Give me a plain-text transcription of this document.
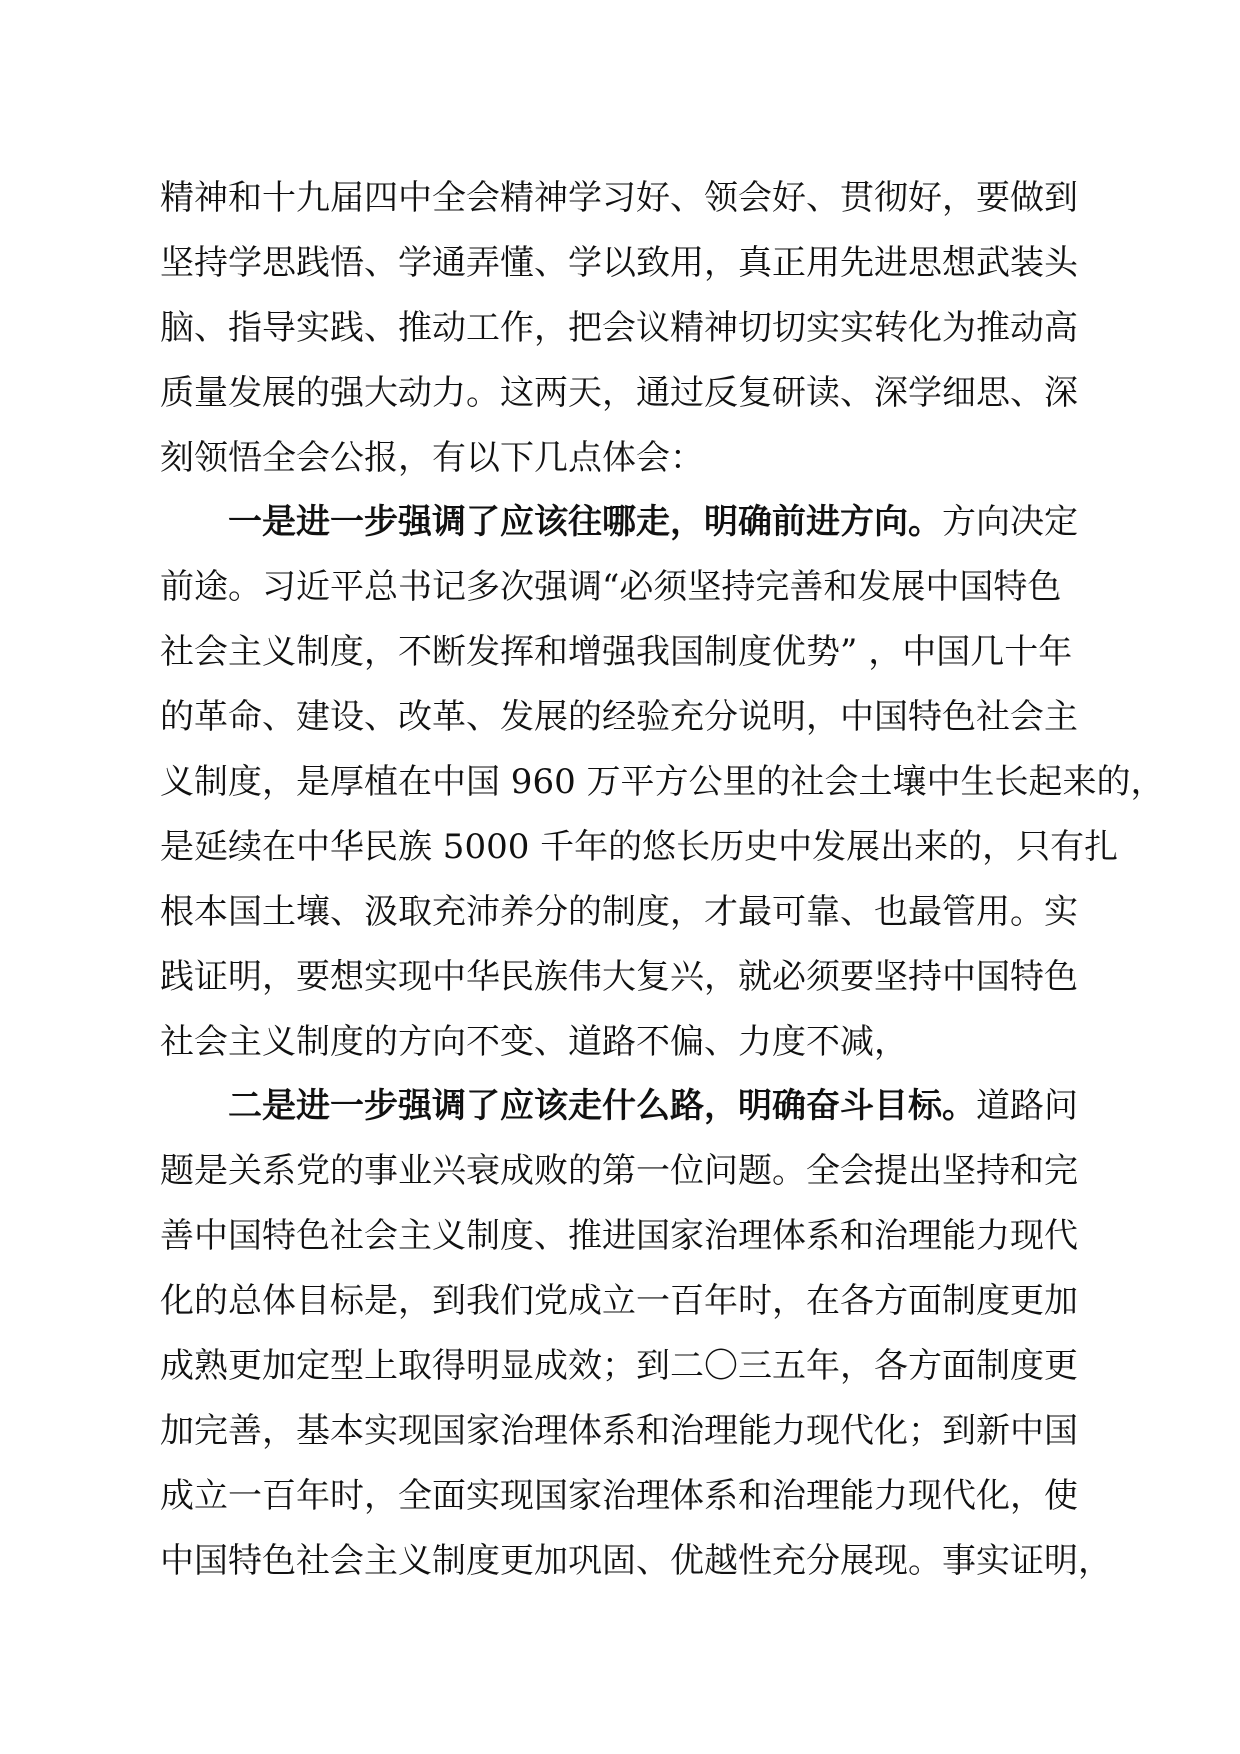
精神和十九届四中全会精神学习好、领会好、贯彻好，要做到
坚持学思践悟、学通弄懂、学以致用，真正用先进思想武装头
脑、指导实践、推动工作，把会议精神切切实实转化为推动高
质量发展的强大动力。这两天，通过反复研读、深学细思、深
刻领悟全会公报，有以下几点体会：
一是进一步强调了应该往哪走，明确前进方向。方向决定
前途。习近平总书记多次强调“必须坚持完善和发展中国特色
社会主义制度，不断发挥和增强我国制度优势” ，中国几十年
的革命、建设、改革、发展的经验充分说明，中国特色社会主
义制度，是厚植在中国 960 万平方公里的社会土壤中生长起来的，
是延续在中华民族 5000 千年的悠长历史中发展出来的，只有扎
根本国土壤、汲取充沛养分的制度，才最可靠、也最管用。实
践证明，要想实现中华民族伟大复兴，就必须要坚持中国特色
社会主义制度的方向不变、道路不偏、力度不减，
二是进一步强调了应该走什么路，明确奋斗目标。道路问
题是关系党的事业兴衰成败的第一位问题。全会提出坚持和完
善中国特色社会主义制度、推进国家治理体系和治理能力现代
化的总体目标是，到我们党成立一百年时，在各方面制度更加
成熟更加定型上取得明显成效；到二〇三五年，各方面制度更
加完善，基本实现国家治理体系和治理能力现代化；到新中国
成立一百年时，全面实现国家治理体系和治理能力现代化，使
中国特色社会主义制度更加巩固、优越性充分展现。事实证明，
